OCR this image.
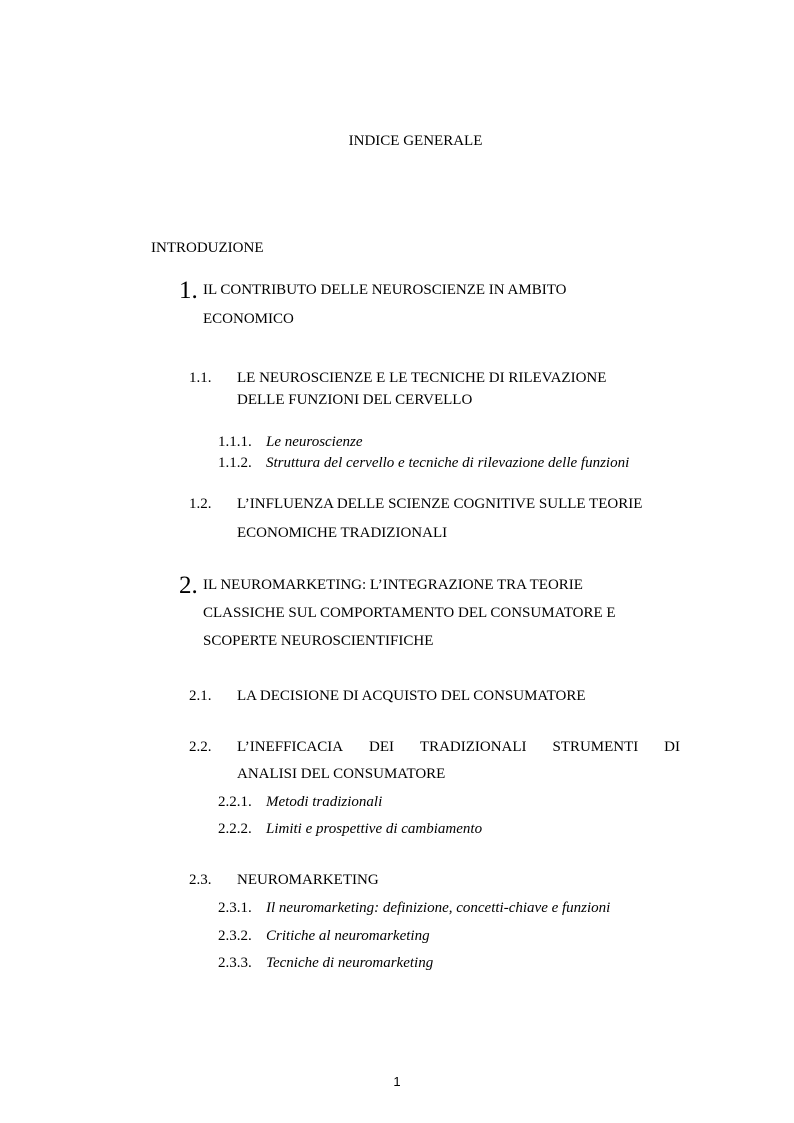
INDICE GENERALE
INTRODUZIONE
1. IL CONTRIBUTO DELLE NEUROSCIENZE IN AMBITO
ECONOMICO
1.1. LE NEUROSCIENZE E LE TECNICHE DI RILEVAZIONE
DELLE FUNZIONI DEL CERVELLO
1.1.1. Le neuroscienze
1.1.2. Struttura del cervello e tecniche di rilevazione delle funzioni
1.2. L’INFLUENZA DELLE SCIENZE COGNITIVE SULLE TEORIE
ECONOMICHE TRADIZIONALI
2. IL NEUROMARKETING: L’INTEGRAZIONE TRA TEORIE
CLASSICHE SUL COMPORTAMENTO DEL CONSUMATORE E
SCOPERTE NEUROSCIENTIFICHE
2.1. LA DECISIONE DI ACQUISTO DEL CONSUMATORE
2.2. L’INEFFICACIA DEI TRADIZIONALI STRUMENTI DI
ANALISI DEL CONSUMATORE
2.2.1. Metodi tradizionali
2.2.2. Limiti e prospettive di cambiamento
2.3. NEUROMARKETING
2.3.1. Il neuromarketing: definizione, concetti-chiave e funzioni
2.3.2. Critiche al neuromarketing
2.3.3. Tecniche di neuromarketing
1
